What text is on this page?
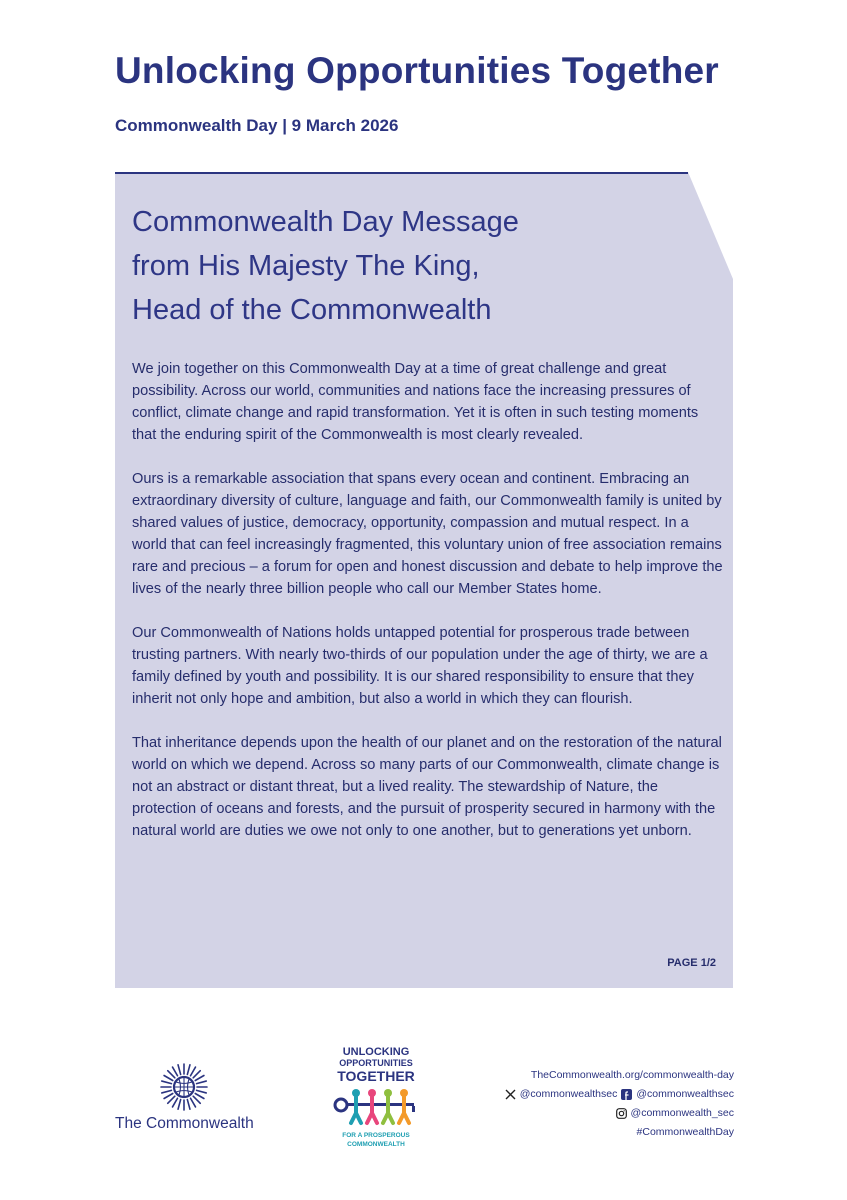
Unlocking Opportunities Together
Commonwealth Day | 9 March 2026
Commonwealth Day Message
from His Majesty The King,
Head of the Commonwealth

We join together on this Commonwealth Day at a time of great challenge and great possibility. Across our world, communities and nations face the increasing pressures of conflict, climate change and rapid transformation. Yet it is often in such testing moments that the enduring spirit of the Commonwealth is most clearly revealed.

Ours is a remarkable association that spans every ocean and continent. Embracing an extraordinary diversity of culture, language and faith, our Commonwealth family is united by shared values of justice, democracy, opportunity, compassion and mutual respect. In a world that can feel increasingly fragmented, this voluntary union of free association remains rare and precious – a forum for open and honest discussion and debate to help improve the lives of the nearly three billion people who call our Member States home.

Our Commonwealth of Nations holds untapped potential for prosperous trade between trusting partners. With nearly two-thirds of our population under the age of thirty, we are a family defined by youth and possibility. It is our shared responsibility to ensure that they inherit not only hope and ambition, but also a world in which they can flourish.

That inheritance depends upon the health of our planet and on the restoration of the natural world on which we depend. Across so many parts of our Commonwealth, climate change is not an abstract or distant threat, but a lived reality. The stewardship of Nature, the protection of oceans and forests, and the pursuit of prosperity secured in harmony with the natural world are duties we owe not only to one another, but to generations yet unborn.

PAGE 1/2
The Commonwealth
UNLOCKING
OPPORTUNITIES
TOGETHER
FOR A PROSPEROUS
COMMONWEALTH
TheCommonwealth.org/commonwealth-day
@commonwealthsec @commonwealthsec
@commonwealth_sec
#CommonwealthDay
